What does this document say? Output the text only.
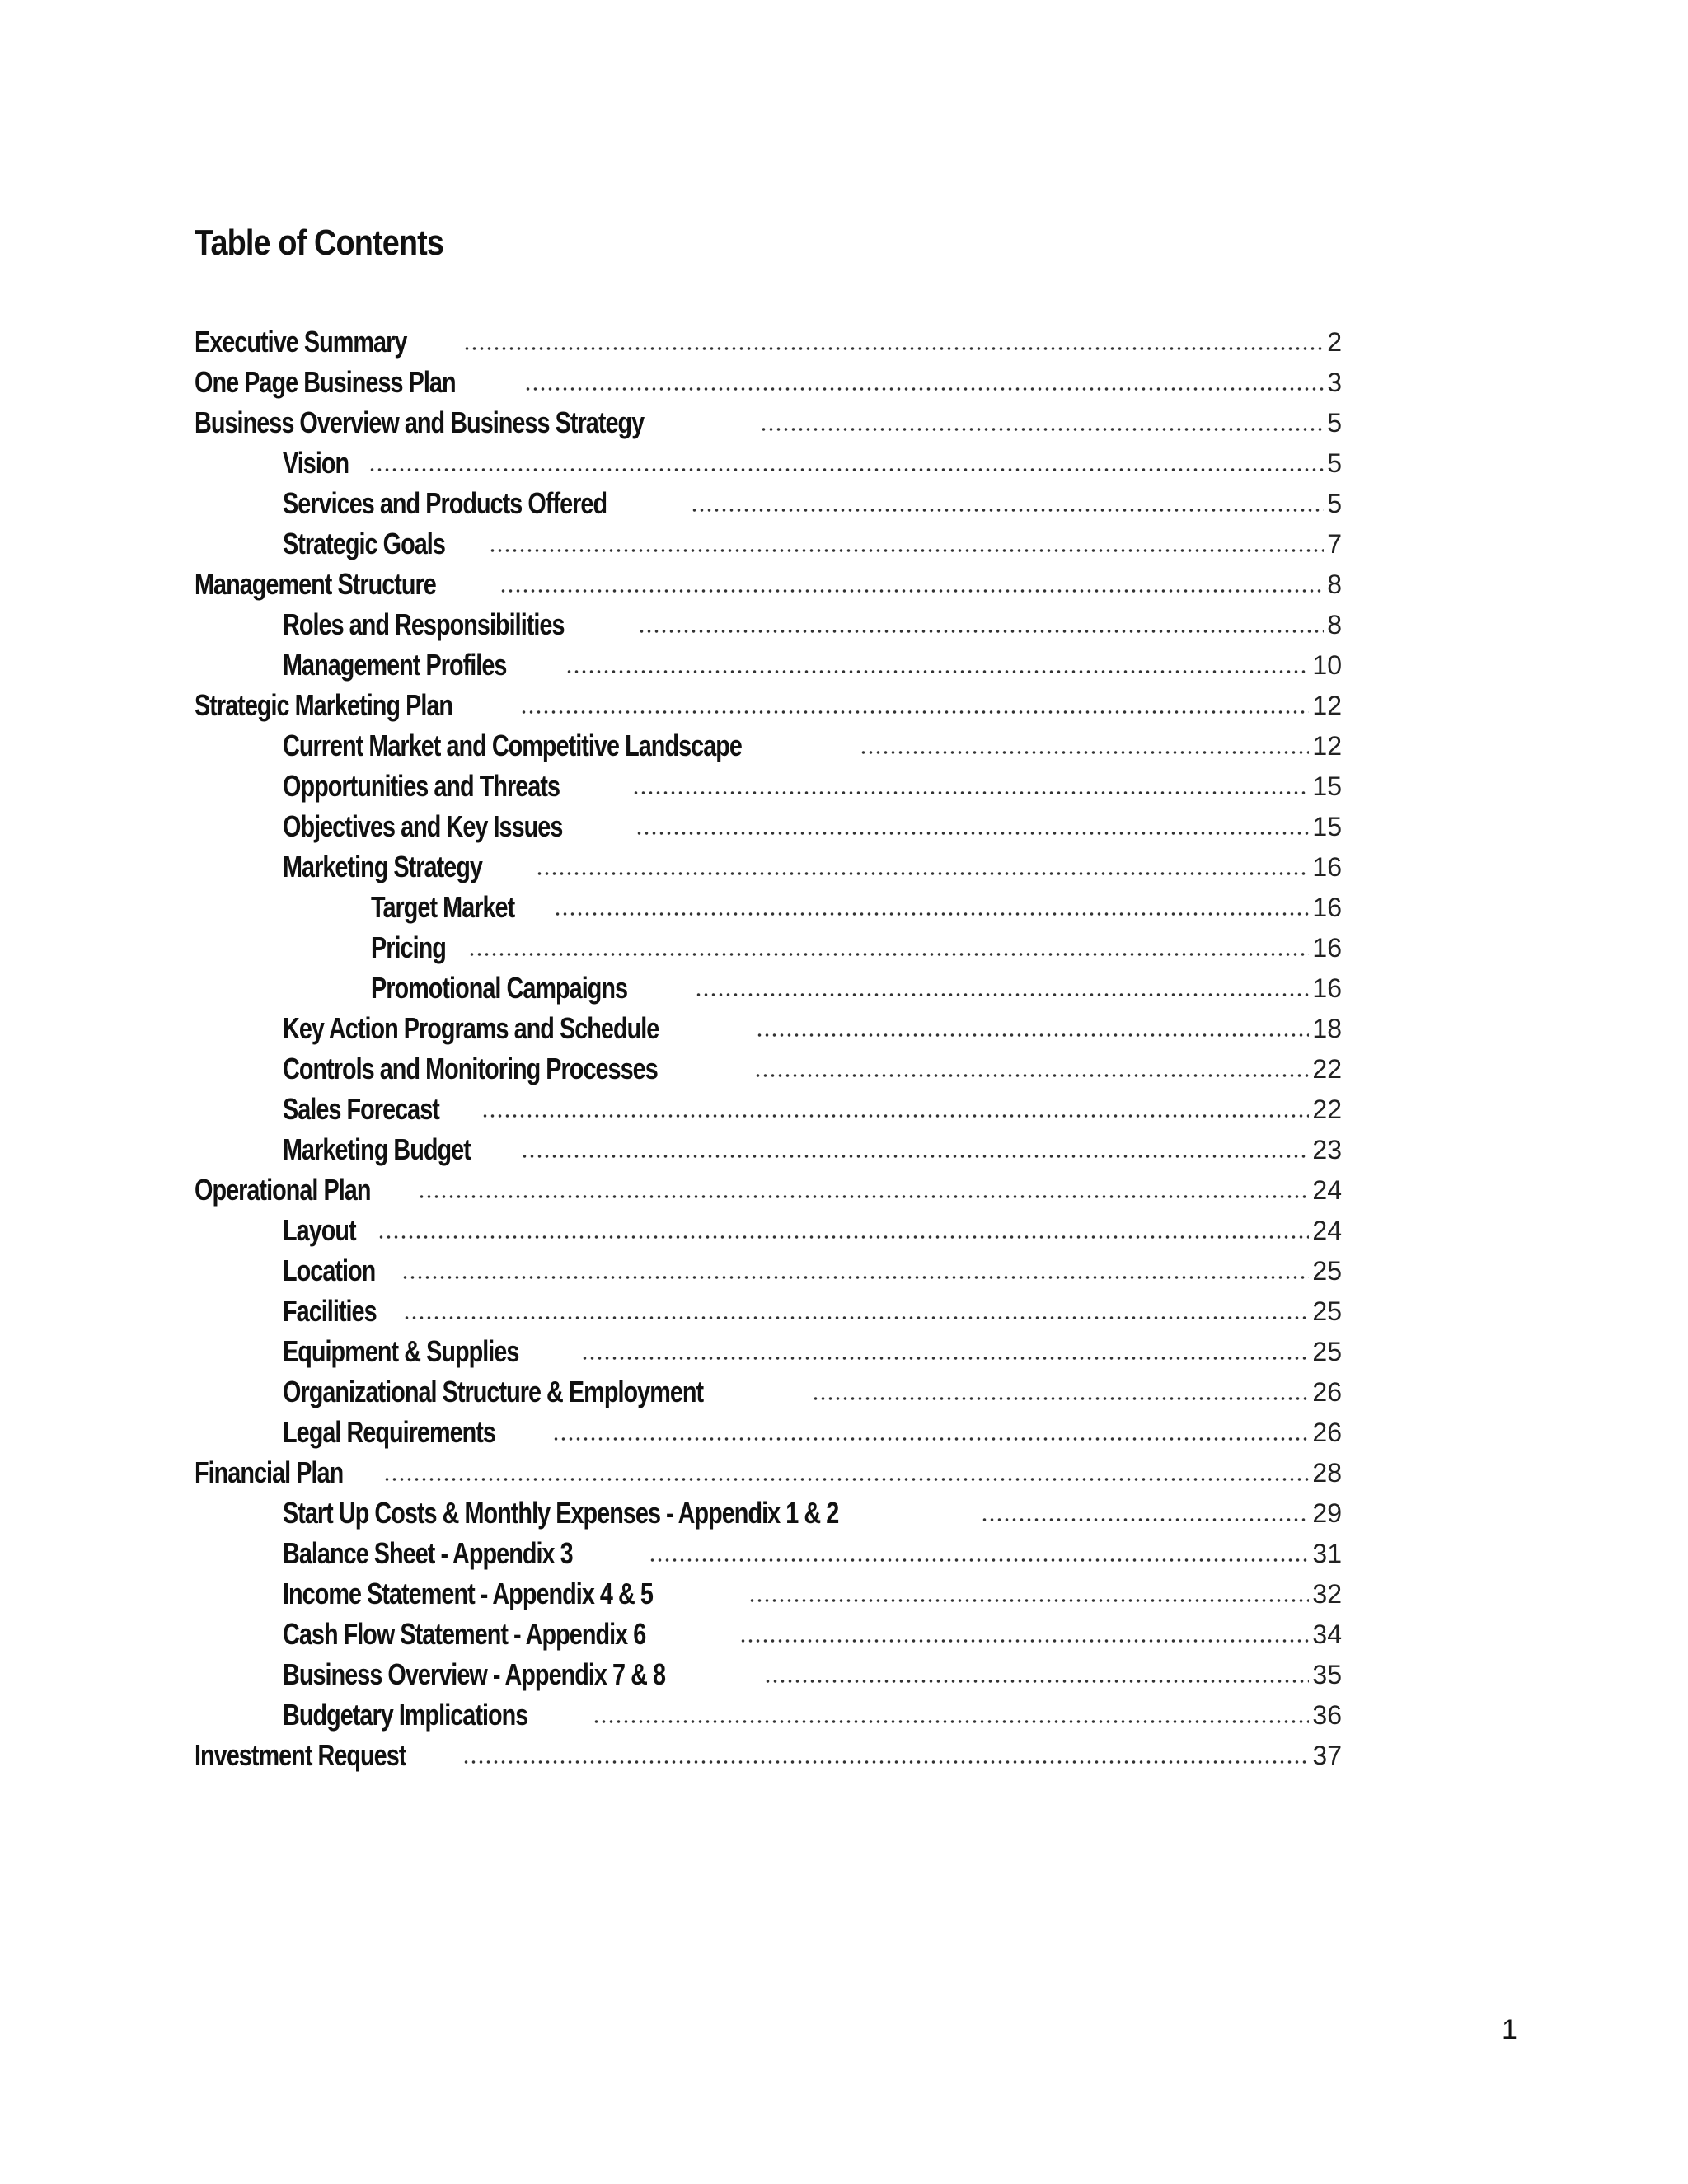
Table of Contents
Executive Summary	2
One Page Business Plan	3
Business Overview and Business Strategy	5
Vision	5
Services and Products Offered	5
Strategic Goals	7
Management Structure	8
Roles and Responsibilities	8
Management Profiles	10
Strategic Marketing Plan	12
Current Market and Competitive Landscape	12
Opportunities and Threats	15
Objectives and Key Issues	15
Marketing Strategy	16
Target Market	16
Pricing	16
Promotional Campaigns	16
Key Action Programs and Schedule	18
Controls and Monitoring Processes	22
Sales Forecast	22
Marketing Budget	23
Operational Plan	24
Layout	24
Location	25
Facilities	25
Equipment & Supplies	25
Organizational Structure & Employment	26
Legal Requirements	26
Financial Plan	28
Start Up Costs & Monthly Expenses - Appendix 1 & 2	29
Balance Sheet - Appendix 3	31
Income Statement - Appendix 4 & 5	32
Cash Flow Statement - Appendix 6	34
Business Overview - Appendix 7 & 8	35
Budgetary Implications	36
Investment Request	37
1
